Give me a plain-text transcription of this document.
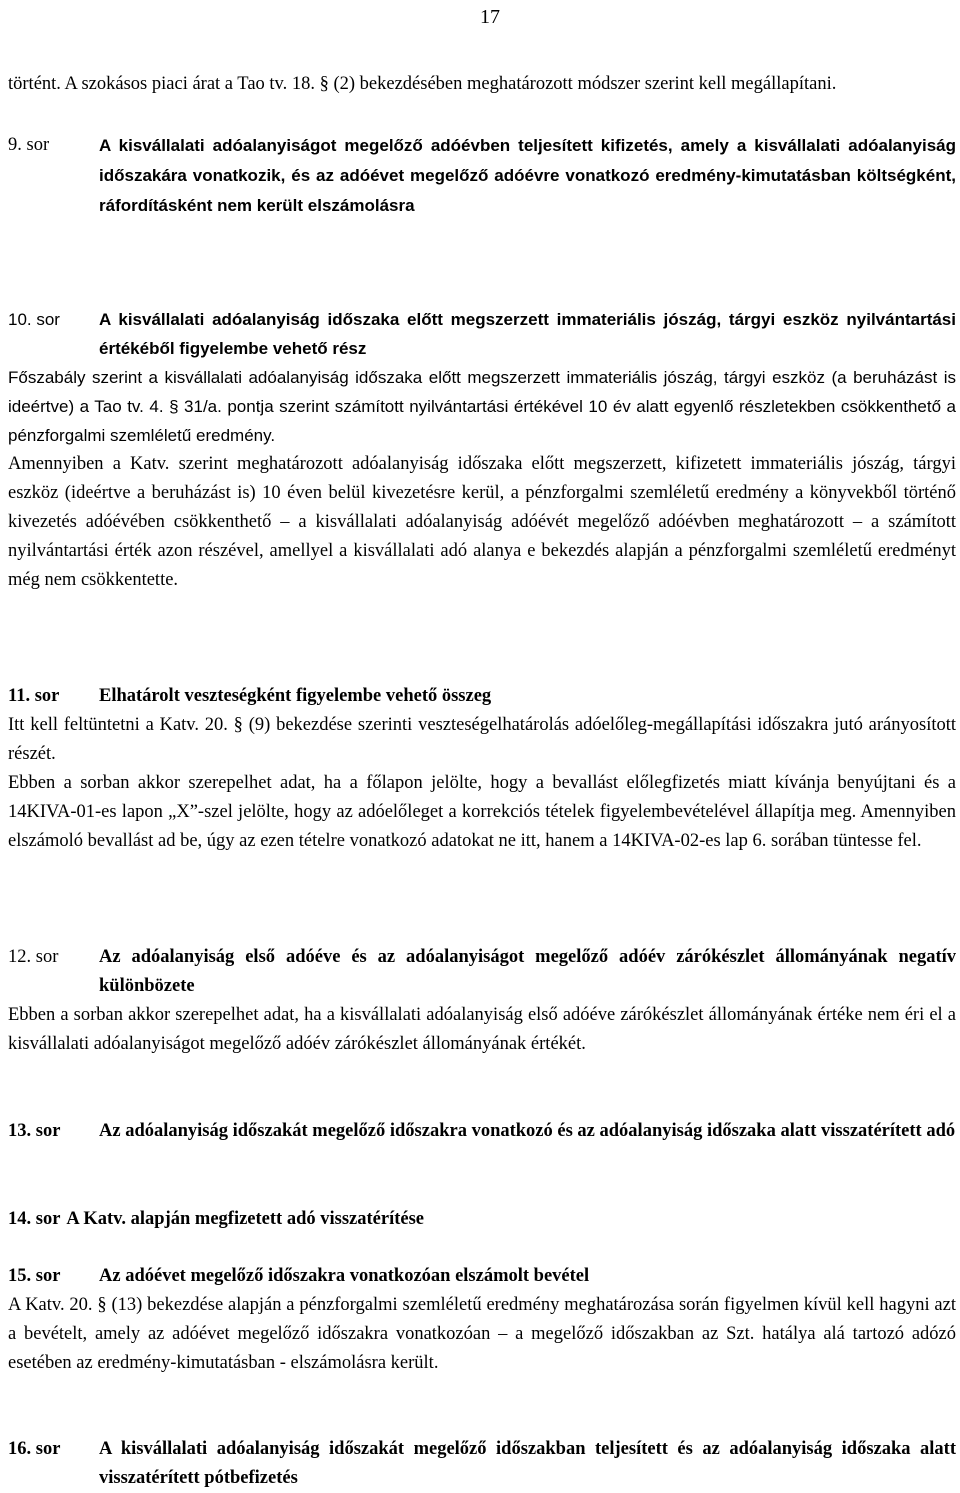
17

történt. A szokásos piaci árat a Tao tv. 18. § (2) bekezdésében meghatározott módszer szerint kell megállapítani.

9. sor	A kisvállalati adóalanyiságot megelőző adóévben teljesített kifizetés, amely a kisvállalati adóalanyiság időszakára vonatkozik, és az adóévet megelőző adóévre vonatkozó eredmény-kimutatásban költségként, ráfordításként nem került elszámolásra
10. sor	A kisvállalati adóalanyiság időszaka előtt megszerzett immateriális jószág, tárgyi eszköz nyilvántartási értékéből figyelembe vehető rész

Főszabály szerint a kisvállalati adóalanyiság időszaka előtt megszerzett immateriális jószág, tárgyi eszköz (a beruházást is ideértve) a Tao tv. 4. § 31/a. pontja szerint számított nyilvántartási értékével 10 év alatt egyenlő részletekben csökkenthető a pénzforgalmi szemléletű eredmény.

Amennyiben a Katv. szerint meghatározott adóalanyiság időszaka előtt megszerzett, kifizetett immateriális jószág, tárgyi eszköz (ideértve a beruházást is) 10 éven belül kivezetésre kerül, a pénzforgalmi szemléletű eredmény a könyvekből történő kivezetés adóévében csökkenthető – a kisvállalati adóalanyiság adóévét megelőző adóévben meghatározott – a számított nyilvántartási érték azon részével, amellyel a kisvállalati adó alanya e bekezdés alapján a pénzforgalmi szemléletű eredményt még nem csökkentette.

11. sor	Elhatárolt veszteségként figyelembe vehető összeg

Itt kell feltüntetni a Katv. 20. § (9) bekezdése szerinti veszteségelhatárolás adóelőleg-megállapítási időszakra jutó arányosított részét.

Ebben a sorban akkor szerepelhet adat, ha a főlapon jelölte, hogy a bevallást előlegfizetés miatt kívánja benyújtani és a 14KIVA-01-es lapon „X”-szel jelölte, hogy az adóelőleget a korrekciós tételek figyelembevételével állapítja meg. Amennyiben elszámoló bevallást ad be, úgy az ezen tételre vonatkozó adatokat ne itt, hanem a 14KIVA-02-es lap 6. sorában tüntesse fel.

12. sor	Az adóalanyiság első adóéve és az adóalanyiságot megelőző adóév zárókészlet állományának negatív különbözete

Ebben a sorban akkor szerepelhet adat, ha a kisvállalati adóalanyiság első adóéve zárókészlet állományának értéke nem éri el a kisvállalati adóalanyiságot megelőző adóév zárókészlet állományának értékét.

13. sor	Az adóalanyiság időszakát megelőző időszakra vonatkozó és az adóalanyiság időszaka alatt visszatérített adó
14. sor A Katv. alapján megfizetett adó visszatérítése
15. sor	Az adóévet megelőző időszakra vonatkozóan elszámolt bevétel

A Katv. 20. § (13) bekezdése alapján a pénzforgalmi szemléletű eredmény meghatározása során figyelmen kívül kell hagyni azt a bevételt, amely az adóévet megelőző időszakra vonatkozóan – a megelőző időszakban az Szt. hatálya alá tartozó adózó esetében az eredmény-kimutatásban - elszámolásra került.

16. sor	A kisvállalati adóalanyiság időszakát megelőző időszakban teljesített és az adóalanyiság időszaka alatt visszatérített pótbefizetés
